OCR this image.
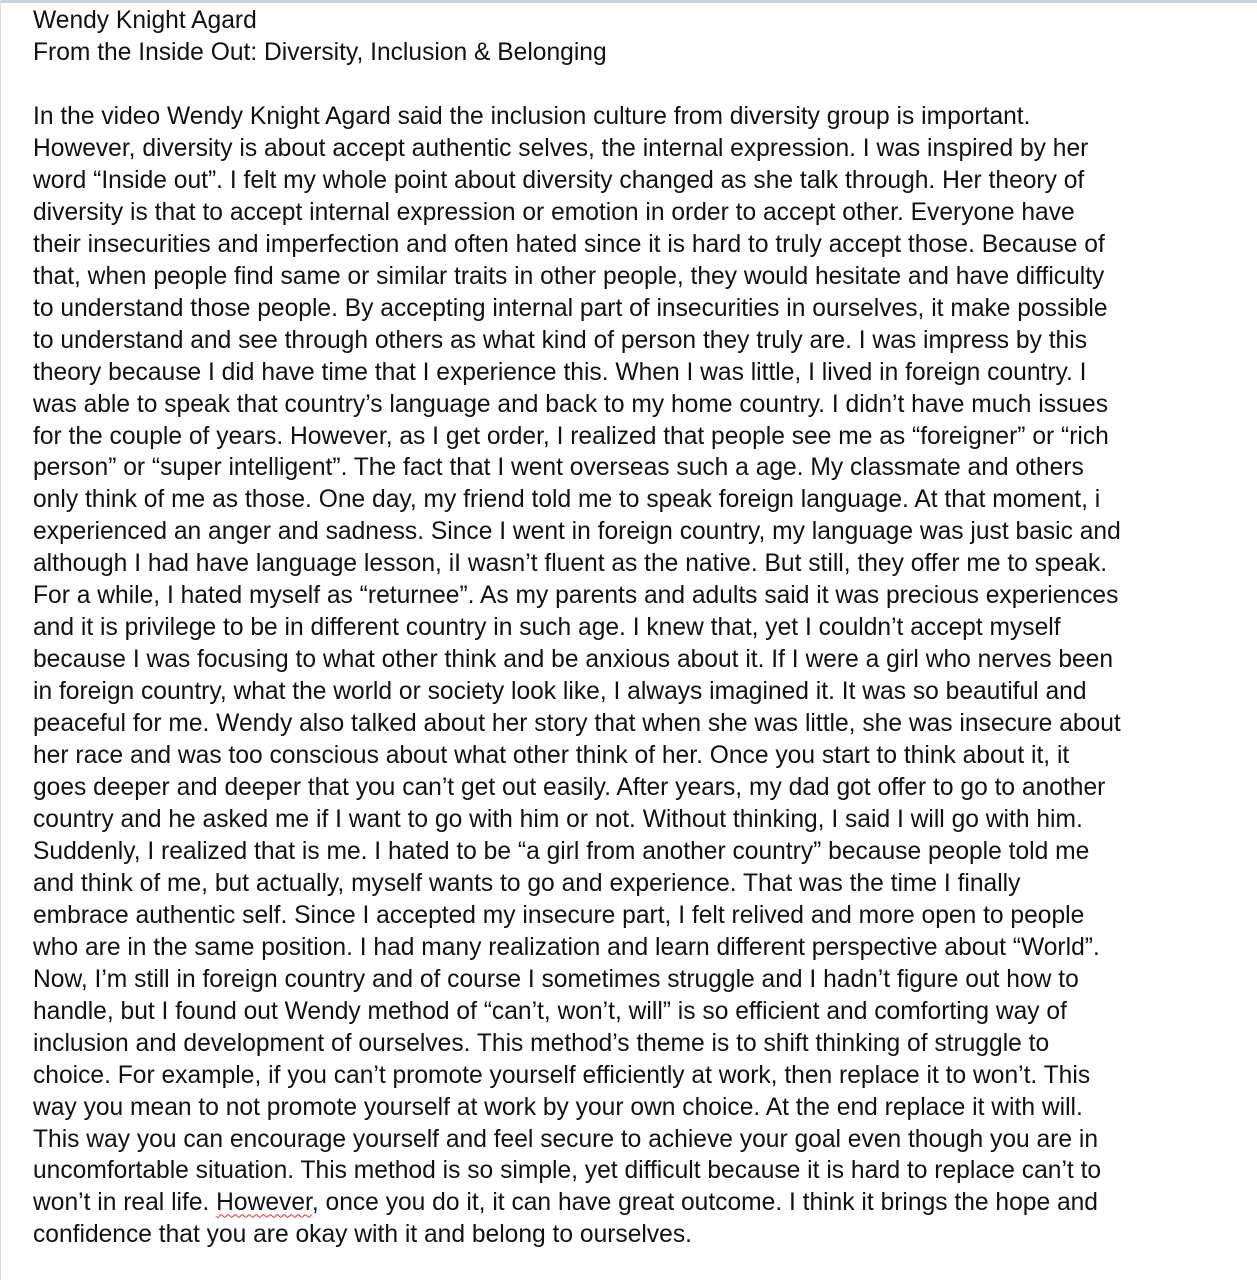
Wendy Knight Agard
From the Inside Out: Diversity, Inclusion & Belonging
In the video Wendy Knight Agard said the inclusion culture from diversity group is important.
However, diversity is about accept authentic selves, the internal expression. I was inspired by her
word “Inside out”. I felt my whole point about diversity changed as she talk through. Her theory of
diversity is that to accept internal expression or emotion in order to accept other. Everyone have
their insecurities and imperfection and often hated since it is hard to truly accept those. Because of
that, when people find same or similar traits in other people, they would hesitate and have difficulty
to understand those people. By accepting internal part of insecurities in ourselves, it make possible
to understand and see through others as what kind of person they truly are. I was impress by this
theory because I did have time that I experience this. When I was little, I lived in foreign country. I
was able to speak that country’s language and back to my home country. I didn’t have much issues
for the couple of years. However, as I get order, I realized that people see me as “foreigner” or “rich
person” or “super intelligent”. The fact that I went overseas such a age. My classmate and others
only think of me as those. One day, my friend told me to speak foreign language. At that moment, i
experienced an anger and sadness. Since I went in foreign country, my language was just basic and
although I had have language lesson, iI wasn’t fluent as the native. But still, they offer me to speak.
For a while, I hated myself as “returnee”. As my parents and adults said it was precious experiences
and it is privilege to be in different country in such age. I knew that, yet I couldn’t accept myself
because I was focusing to what other think and be anxious about it. If I were a girl who nerves been
in foreign country, what the world or society look like, I always imagined it. It was so beautiful and
peaceful for me. Wendy also talked about her story that when she was little, she was insecure about
her race and was too conscious about what other think of her. Once you start to think about it, it
goes deeper and deeper that you can’t get out easily. After years, my dad got offer to go to another
country and he asked me if I want to go with him or not. Without thinking, I said I will go with him.
Suddenly, I realized that is me. I hated to be “a girl from another country” because people told me
and think of me, but actually, myself wants to go and experience. That was the time I finally
embrace authentic self. Since I accepted my insecure part, I felt relived and more open to people
who are in the same position. I had many realization and learn different perspective about “World”.
Now, I’m still in foreign country and of course I sometimes struggle and I hadn’t figure out how to
handle, but I found out Wendy method of “can’t, won’t, will” is so efficient and comforting way of
inclusion and development of ourselves. This method’s theme is to shift thinking of struggle to
choice. For example, if you can’t promote yourself efficiently at work, then replace it to won’t. This
way you mean to not promote yourself at work by your own choice. At the end replace it with will.
This way you can encourage yourself and feel secure to achieve your goal even though you are in
uncomfortable situation. This method is so simple, yet difficult because it is hard to replace can’t to
won’t in real life. However, once you do it, it can have great outcome. I think it brings the hope and
confidence that you are okay with it and belong to ourselves.
